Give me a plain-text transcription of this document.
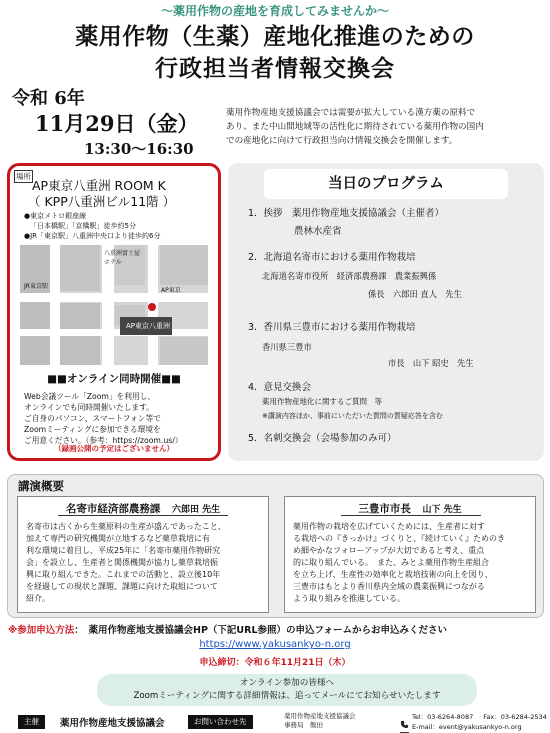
〜薬用作物の産地を育成してみませんか〜
薬用作物（生薬）産地化推進のための
行政担当者情報交換会
令和 6年
11月29日（金）
13:30〜16:30
薬用作物産地支援協議会では需要が拡大している漢方薬の原料で
あり、また中山間地域等の活性化に期待されている薬用作物の国内
での産地化に向けて行政担当向け情報交換会を開催します。
場所
AP東京八重洲 ROOM K
（ KPP八重洲ビル11階 ）
●東京メトロ銀座線
「日本橋駅」「京橋駅」徒歩約5分
●JR「東京駅」八重洲中央口より徒歩約6分
JR東京駅
八重洲富士屋ホテル
AP東京
AP東京八重洲
■■オンライン同時開催■■
Web会議ツール「Zoom」を利用し、
オンラインでも同時開催いたします。
ご自身のパソコン、スマートフォン等で
Zoomミーティングに参加できる環境を
ご用意ください。（参考：https://zoom.us/）
（録画公開の予定はございません）
当日のプログラム
1．挨拶　薬用作物産地支援協議会（主催者）
農林水産省
2．北海道名寄市における薬用作物栽培
北海道名寄市役所　経済部農務課　農業振興係
係長　六郎田 直人　先生
3．香川県三豊市における薬用作物栽培
香川県三豊市
市長　山下 昭史　先生
4．意見交換会
薬用作物産地化に関するご質問　等
※講演内容ほか、事前にいただいた質問の質疑応答を含む
5．名刺交換会（会場参加のみ可）
講演概要
名寄市経済部農務課 六郎田 先生
名寄市は古くから生薬原料の生産が盛んであったこと、
加えて専門の研究機関が立地するなど薬草栽培に有
利な環境に着目し、平成25年に「名寄市薬用作物研究
会」を設立し、生産者と関係機関が協力し薬草栽培振
興に取り組んできた。これまでの活動と、設立後10年
を経過しての現状と課題、課題に向けた取組について
紹介。
三豊市市長 山下 先生
薬用作物の栽培を広げていくためには、生産者に対す
る栽培への『きっかけ』づくりと、『続けていく』ためのき
め細やかなフォローアップが大切であると考え、重点
的に取り組んでいる。　また、みとよ薬用作物生産組合
を立ち上げ、生産性の効率化と栽培技術の向上を図り、
三豊市はもとより香川県内全域の農業振興につながる
よう取り組みを推進している。
※参加申込方法：　薬用作物産地支援協議会HP（下記URL参照）の申込フォームからお申込みください
https://www.yakusankyo-n.org
申込締切：令和６年11月21日（木）
オンライン参加の皆様へ
Zoomミーティングに関する詳細情報は、追ってメールにてお知らせいたします
主催	薬用作物産地支援協議会	お問い合わせ先
薬用作物産地支援協議会
事務局　飯田
Tel：03-6264-8087 Fax：03-6284-2534
E-mail：event@yakusankyo-n.org
